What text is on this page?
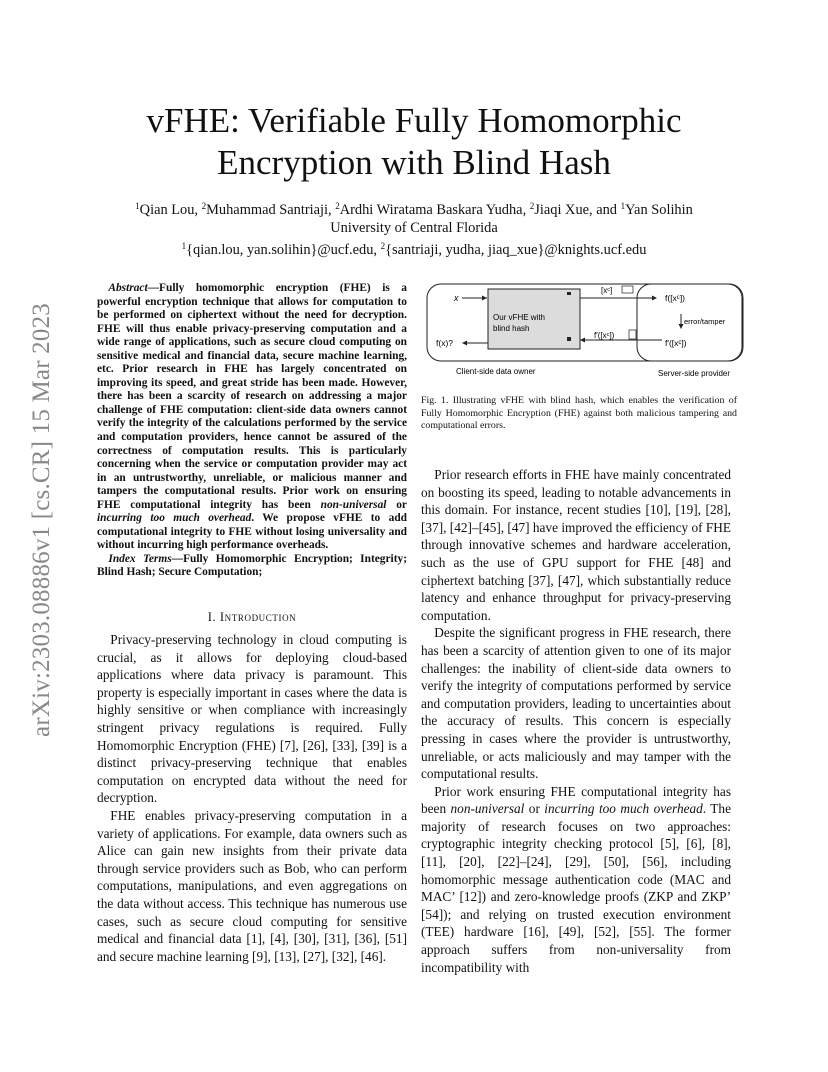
arXiv:2303.08886v1 [cs.CR] 15 Mar 2023
vFHE: Verifiable Fully Homomorphic
Encryption with Blind Hash
$^1$Qian Lou, $^2$Muhammad Santriaji, $^2$Ardhi Wiratama Baskara Yudha, $^2$Jiaqi Xue, and $^1$Yan Solihin
University of Central Florida
$^1${qian.lou, yan.solihin}@ucf.edu, $^2${santriaji, yudha, jiaq_xue}@knights.ucf.edu

Abstract—Fully homomorphic encryption (FHE) is a powerful encryption technique that allows for computation to be performed on ciphertext without the need for decryption. FHE will thus enable privacy-preserving computation and a wide range of applications, such as secure cloud computing on sensitive medical and financial data, secure machine learning, etc. Prior research in FHE has largely concentrated on improving its speed, and great stride has been made. However, there has been a scarcity of research on addressing a major challenge of FHE computation: client-side data owners cannot verify the integrity of the calculations performed by the service and computation providers, hence cannot be assured of the correctness of computation results. This is particularly concerning when the service or computation provider may act in an untrustworthy, unreliable, or malicious manner and tampers the computational results. Prior work on ensuring FHE computational integrity has been non-universal or incurring too much overhead. We propose vFHE to add computational integrity to FHE without losing universality and without incurring high performance overheads.

Index Terms—Fully Homomorphic Encryption; Integrity; Blind Hash; Secure Computation;

I. Introduction

Privacy-preserving technology in cloud computing is crucial, as it allows for deploying cloud-based applications where data privacy is paramount. This property is especially important in cases where the data is highly sensitive or when compliance with increasingly stringent privacy regulations is required. Fully Homomorphic Encryption (FHE) [7], [26], [33], [39] is a distinct privacy-preserving technique that enables computation on encrypted data without the need for decryption.

FHE enables privacy-preserving computation in a variety of applications. For example, data owners such as Alice can gain new insights from their private data through service providers such as Bob, who can perform computations, manipulations, and even aggregations on the data without access. This technique has numerous use cases, such as secure cloud computing for sensitive medical and financial data [1], [4], [30], [31], [36], [51] and secure machine learning [9], [13], [27], [32], [46].

Our vFHE with
blind hash
x
f(x)?
[xᶜ]
f([xᶜ])
error/tamper
f′([xᶜ])
f′([xᶜ])
Client-side data owner	Server-side provider
Fig. 1. Illustrating vFHE with blind hash, which enables the verification of Fully Homomorphic Encryption (FHE) against both malicious tampering and computational errors.

Prior research efforts in FHE have mainly concentrated on boosting its speed, leading to notable advancements in this domain. For instance, recent studies [10], [19], [28], [37], [42]–[45], [47] have improved the efficiency of FHE through innovative schemes and hardware acceleration, such as the use of GPU support for FHE [48] and ciphertext batching [37], [47], which substantially reduce latency and enhance throughput for privacy-preserving computation.

Despite the significant progress in FHE research, there has been a scarcity of attention given to one of its major challenges: the inability of client-side data owners to verify the integrity of computations performed by service and computation providers, leading to uncertainties about the accuracy of results. This concern is especially pressing in cases where the provider is untrustworthy, unreliable, or acts maliciously and may tamper with the computational results.

Prior work ensuring FHE computational integrity has been non-universal or incurring too much overhead. The majority of research focuses on two approaches: cryptographic integrity checking protocol [5], [6], [8], [11], [20], [22]–[24], [29], [50], [56], including homomorphic message authentication code (MAC and MAC’ [12]) and zero-knowledge proofs (ZKP and ZKP’ [54]); and relying on trusted execution environment (TEE) hardware [16], [49], [52], [55]. The former approach suffers from non-universality from incompatibility with
